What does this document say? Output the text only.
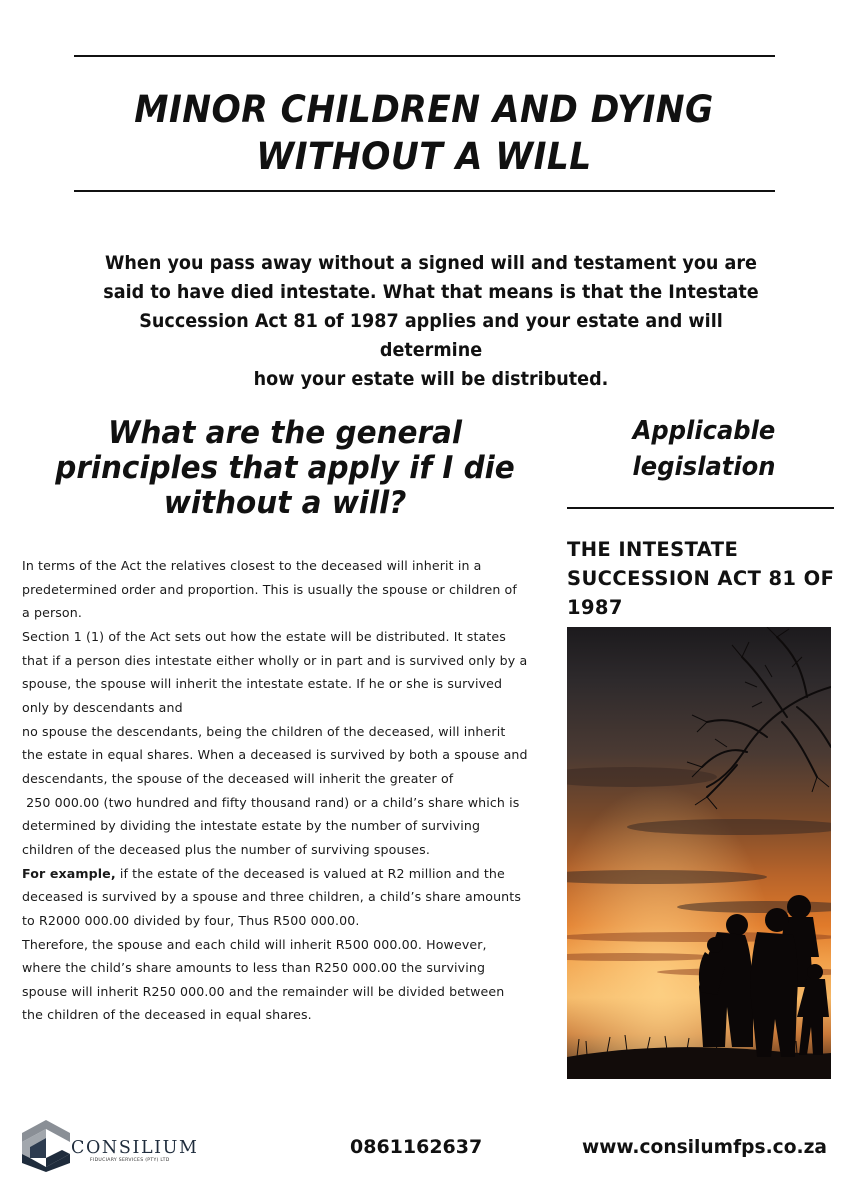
MINOR CHILDREN AND DYING
WITHOUT A WILL
When you pass away without a signed will and testament you are
said to have died intestate. What that means is that the Intestate
Succession Act 81 of 1987 applies and your estate and will determine
how your estate will be distributed.
What are the general
principles that apply if I die
without a will?
Applicable
legislation
THE INTESTATE
SUCCESSION ACT 81 OF
1987
In terms of the Act the relatives closest to the deceased will inherit in a
predetermined order and proportion. This is usually the spouse or children of
a person.
Section 1 (1) of the Act sets out how the estate will be distributed. It states
that if a person dies intestate either wholly or in part and is survived only by a
spouse, the spouse will inherit the intestate estate. If he or she is survived
only by descendants and
no spouse the descendants, being the children of the deceased, will inherit
the estate in equal shares. When a deceased is survived by both a spouse and
descendants, the spouse of the deceased will inherit the greater of
250 000.00 (two hundred and fifty thousand rand) or a child’s share which is
determined by dividing the intestate estate by the number of surviving
children of the deceased plus the number of surviving spouses.
For example, if the estate of the deceased is valued at R2 million and the
deceased is survived by a spouse and three children, a child’s share amounts
to R2000 000.00 divided by four, Thus R500 000.00.
Therefore, the spouse and each child will inherit R500 000.00. However,
where the child’s share amounts to less than R250 000.00 the surviving
spouse will inherit R250 000.00 and the remainder will be divided between
the children of the deceased in equal shares.
CONSILIUM
FIDUCIARY SERVICES (PTY) LTD
0861162637	www.consilumfps.co.za
